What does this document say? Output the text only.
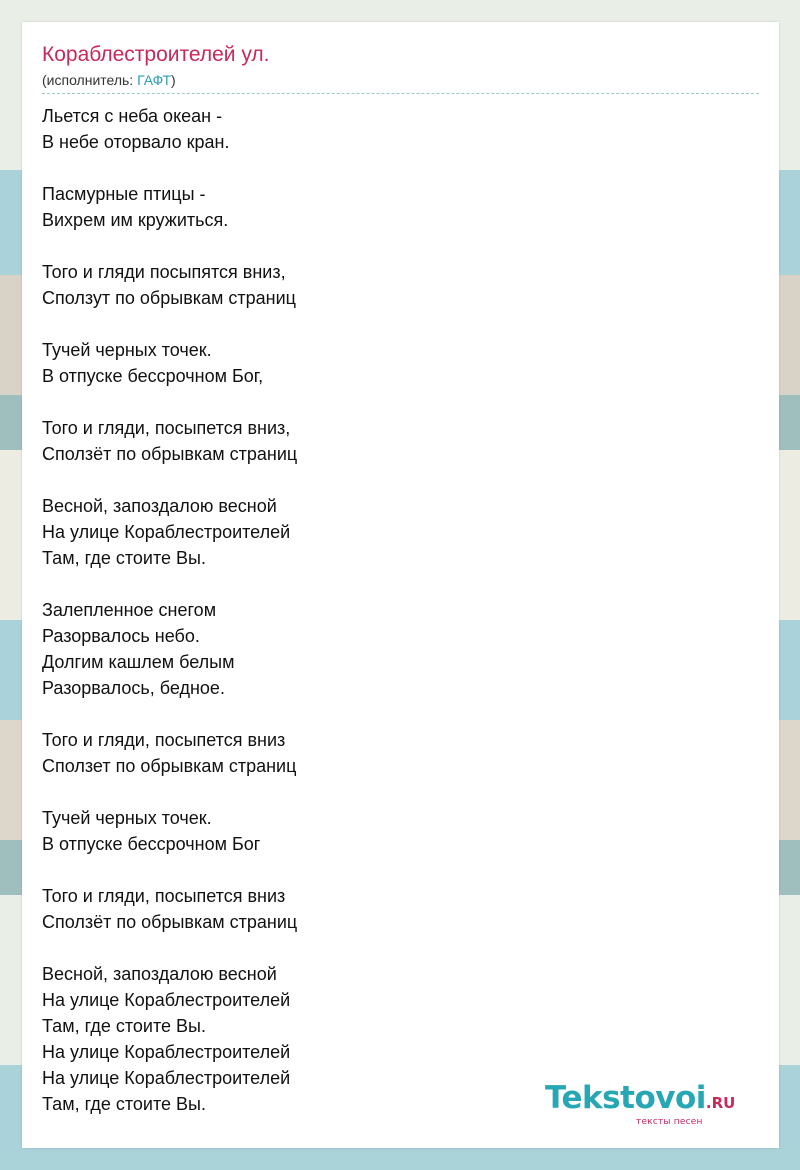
Кораблестроителей ул.
(исполнитель: ГАФТ)
Льется с неба океан -
В небе оторвало кран.
Пасмурные птицы -
Вихрем им кружиться.
Того и гляди посыпятся вниз,
Сползут по обрывкам страниц
Тучей черных точек.
В отпуске бессрочном Бог,
Того и гляди, посыпется вниз,
Сползёт по обрывкам страниц
Весной, запоздалою весной
На улице Кораблестроителей
Там, где стоите Вы.
Залепленное снегом
Разорвалось небо.
Долгим кашлем белым
Разорвалось, бедное.
Того и гляди, посыпется вниз
Сползет по обрывкам страниц
Тучей черных точек.
В отпуске бессрочном Бог
Того и гляди, посыпется вниз
Сползёт по обрывкам страниц
Весной, запоздалою весной
На улице Кораблестроителей
Там, где стоите Вы.
На улице Кораблестроителей
На улице Кораблестроителей
Там, где стоите Вы.	Tekstovoi.RU
тексты песен
